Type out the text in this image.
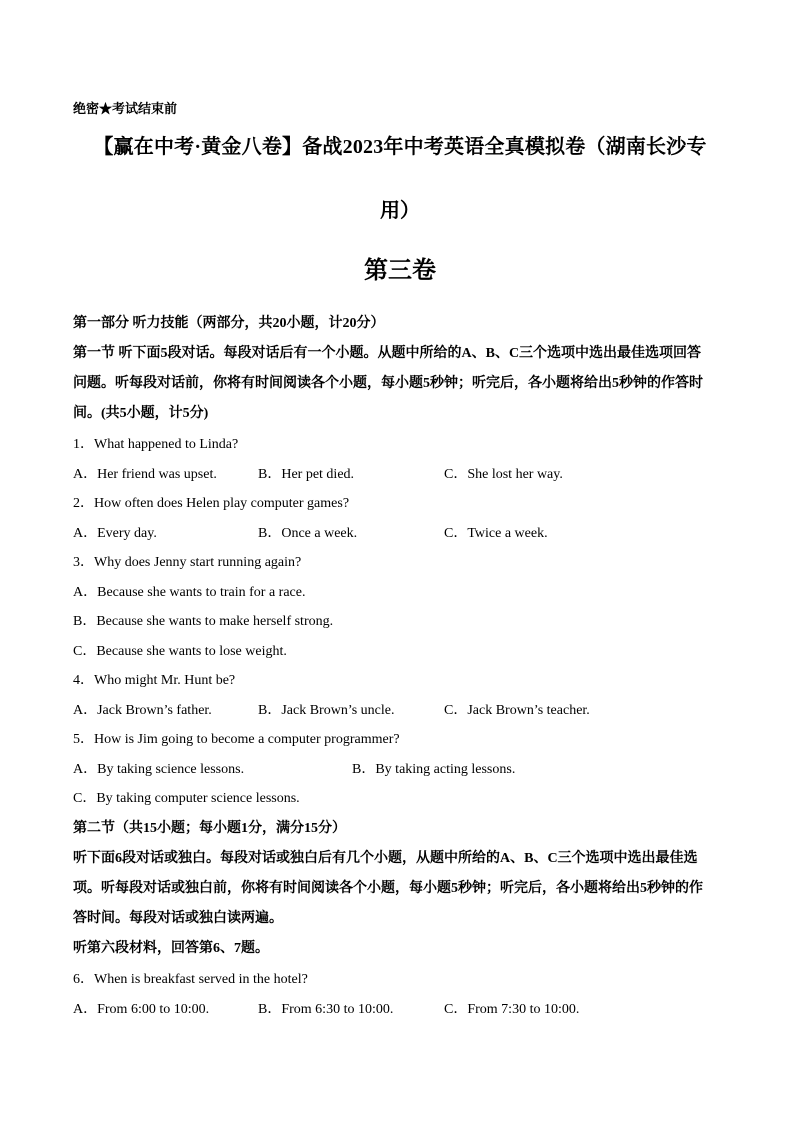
绝密★考试结束前
【赢在中考·黄金八卷】备战2023年中考英语全真模拟卷（湖南长沙专
用）
第三卷
第一部分 听力技能（两部分，共20小题，计20分）
第一节 听下面5段对话。每段对话后有一个小题。从题中所给的A、B、C三个选项中选出最佳选项回答
问题。听每段对话前，你将有时间阅读各个小题，每小题5秒钟；听完后，各小题将给出5秒钟的作答时
间。(共5小题，计5分)
1．What happened to Linda?
A．Her friend was upset.	B．Her pet died.	C．She lost her way.
2．How often does Helen play computer games?
A．Every day.	B．Once a week.	C．Twice a week.
3．Why does Jenny start running again?
A．Because she wants to train for a race.
B．Because she wants to make herself strong.
C．Because she wants to lose weight.
4．Who might Mr. Hunt be?
A．Jack Brown’s father.	B．Jack Brown’s uncle.	C．Jack Brown’s teacher.
5．How is Jim going to become a computer programmer?
A．By taking science lessons.	B．By taking acting lessons.
C．By taking computer science lessons.
第二节（共15小题；每小题1分，满分15分）
听下面6段对话或独白。每段对话或独白后有几个小题，从题中所给的A、B、C三个选项中选出最佳选
项。听每段对话或独白前，你将有时间阅读各个小题，每小题5秒钟；听完后，各小题将给出5秒钟的作
答时间。每段对话或独白读两遍。
听第六段材料，回答第6、7题。
6．When is breakfast served in the hotel?
A．From 6:00 to 10:00.	B．From 6:30 to 10:00.	C．From 7:30 to 10:00.
